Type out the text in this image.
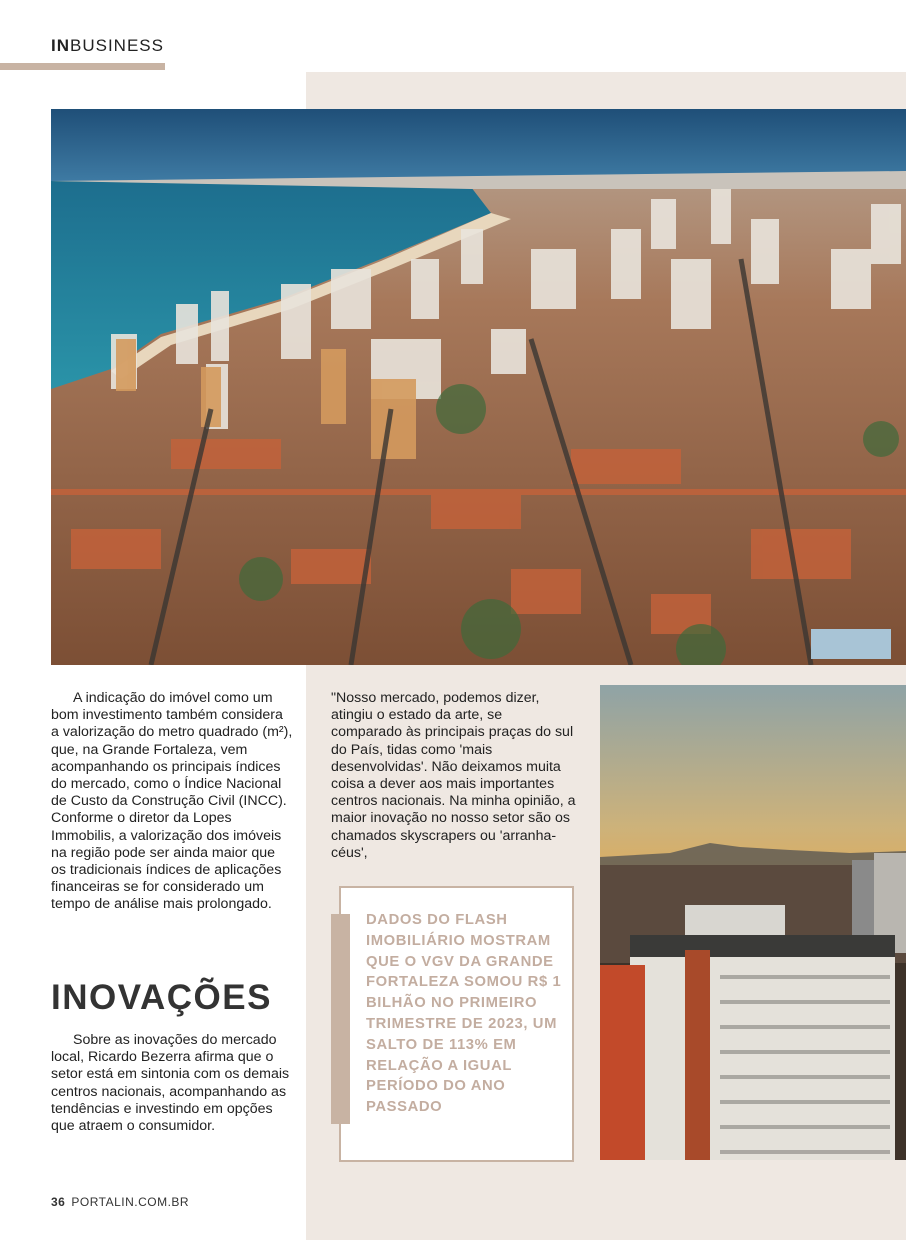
INBUSINESS

A indicação do imóvel como um bom investimento também considera a valorização do metro quadrado (m²), que, na Grande Fortaleza, vem acompanhando os principais índices do mercado, como o Índice Nacional de Custo da Construção Civil (INCC). Conforme o diretor da Lopes Immobilis, a valorização dos imóveis na região pode ser ainda maior que os tradicionais índices de aplicações financeiras se for considerado um tempo de análise mais prolongado.

INOVAÇÕES

Sobre as inovações do mercado local, Ricardo Bezerra afirma que o setor está em sintonia com os demais centros nacionais, acompanhando as tendências e investindo em opções que atraem o consumidor.

"Nosso mercado, podemos dizer, atingiu o estado da arte, se comparado às principais praças do sul do País, tidas como 'mais desenvolvidas'. Não deixamos muita coisa a dever aos mais importantes centros nacionais. Na minha opinião, a maior inovação no nosso setor são os chamados skyscrapers ou 'arranha-céus',

DADOS DO FLASH IMOBILIÁRIO MOSTRAM QUE O VGV DA GRANDE FORTALEZA SOMOU R$ 1 BILHÃO NO PRIMEIRO TRIMESTRE DE 2023, UM SALTO DE 113% EM RELAÇÃO A IGUAL PERÍODO DO ANO PASSADO
36 PORTALIN.COM.BR
